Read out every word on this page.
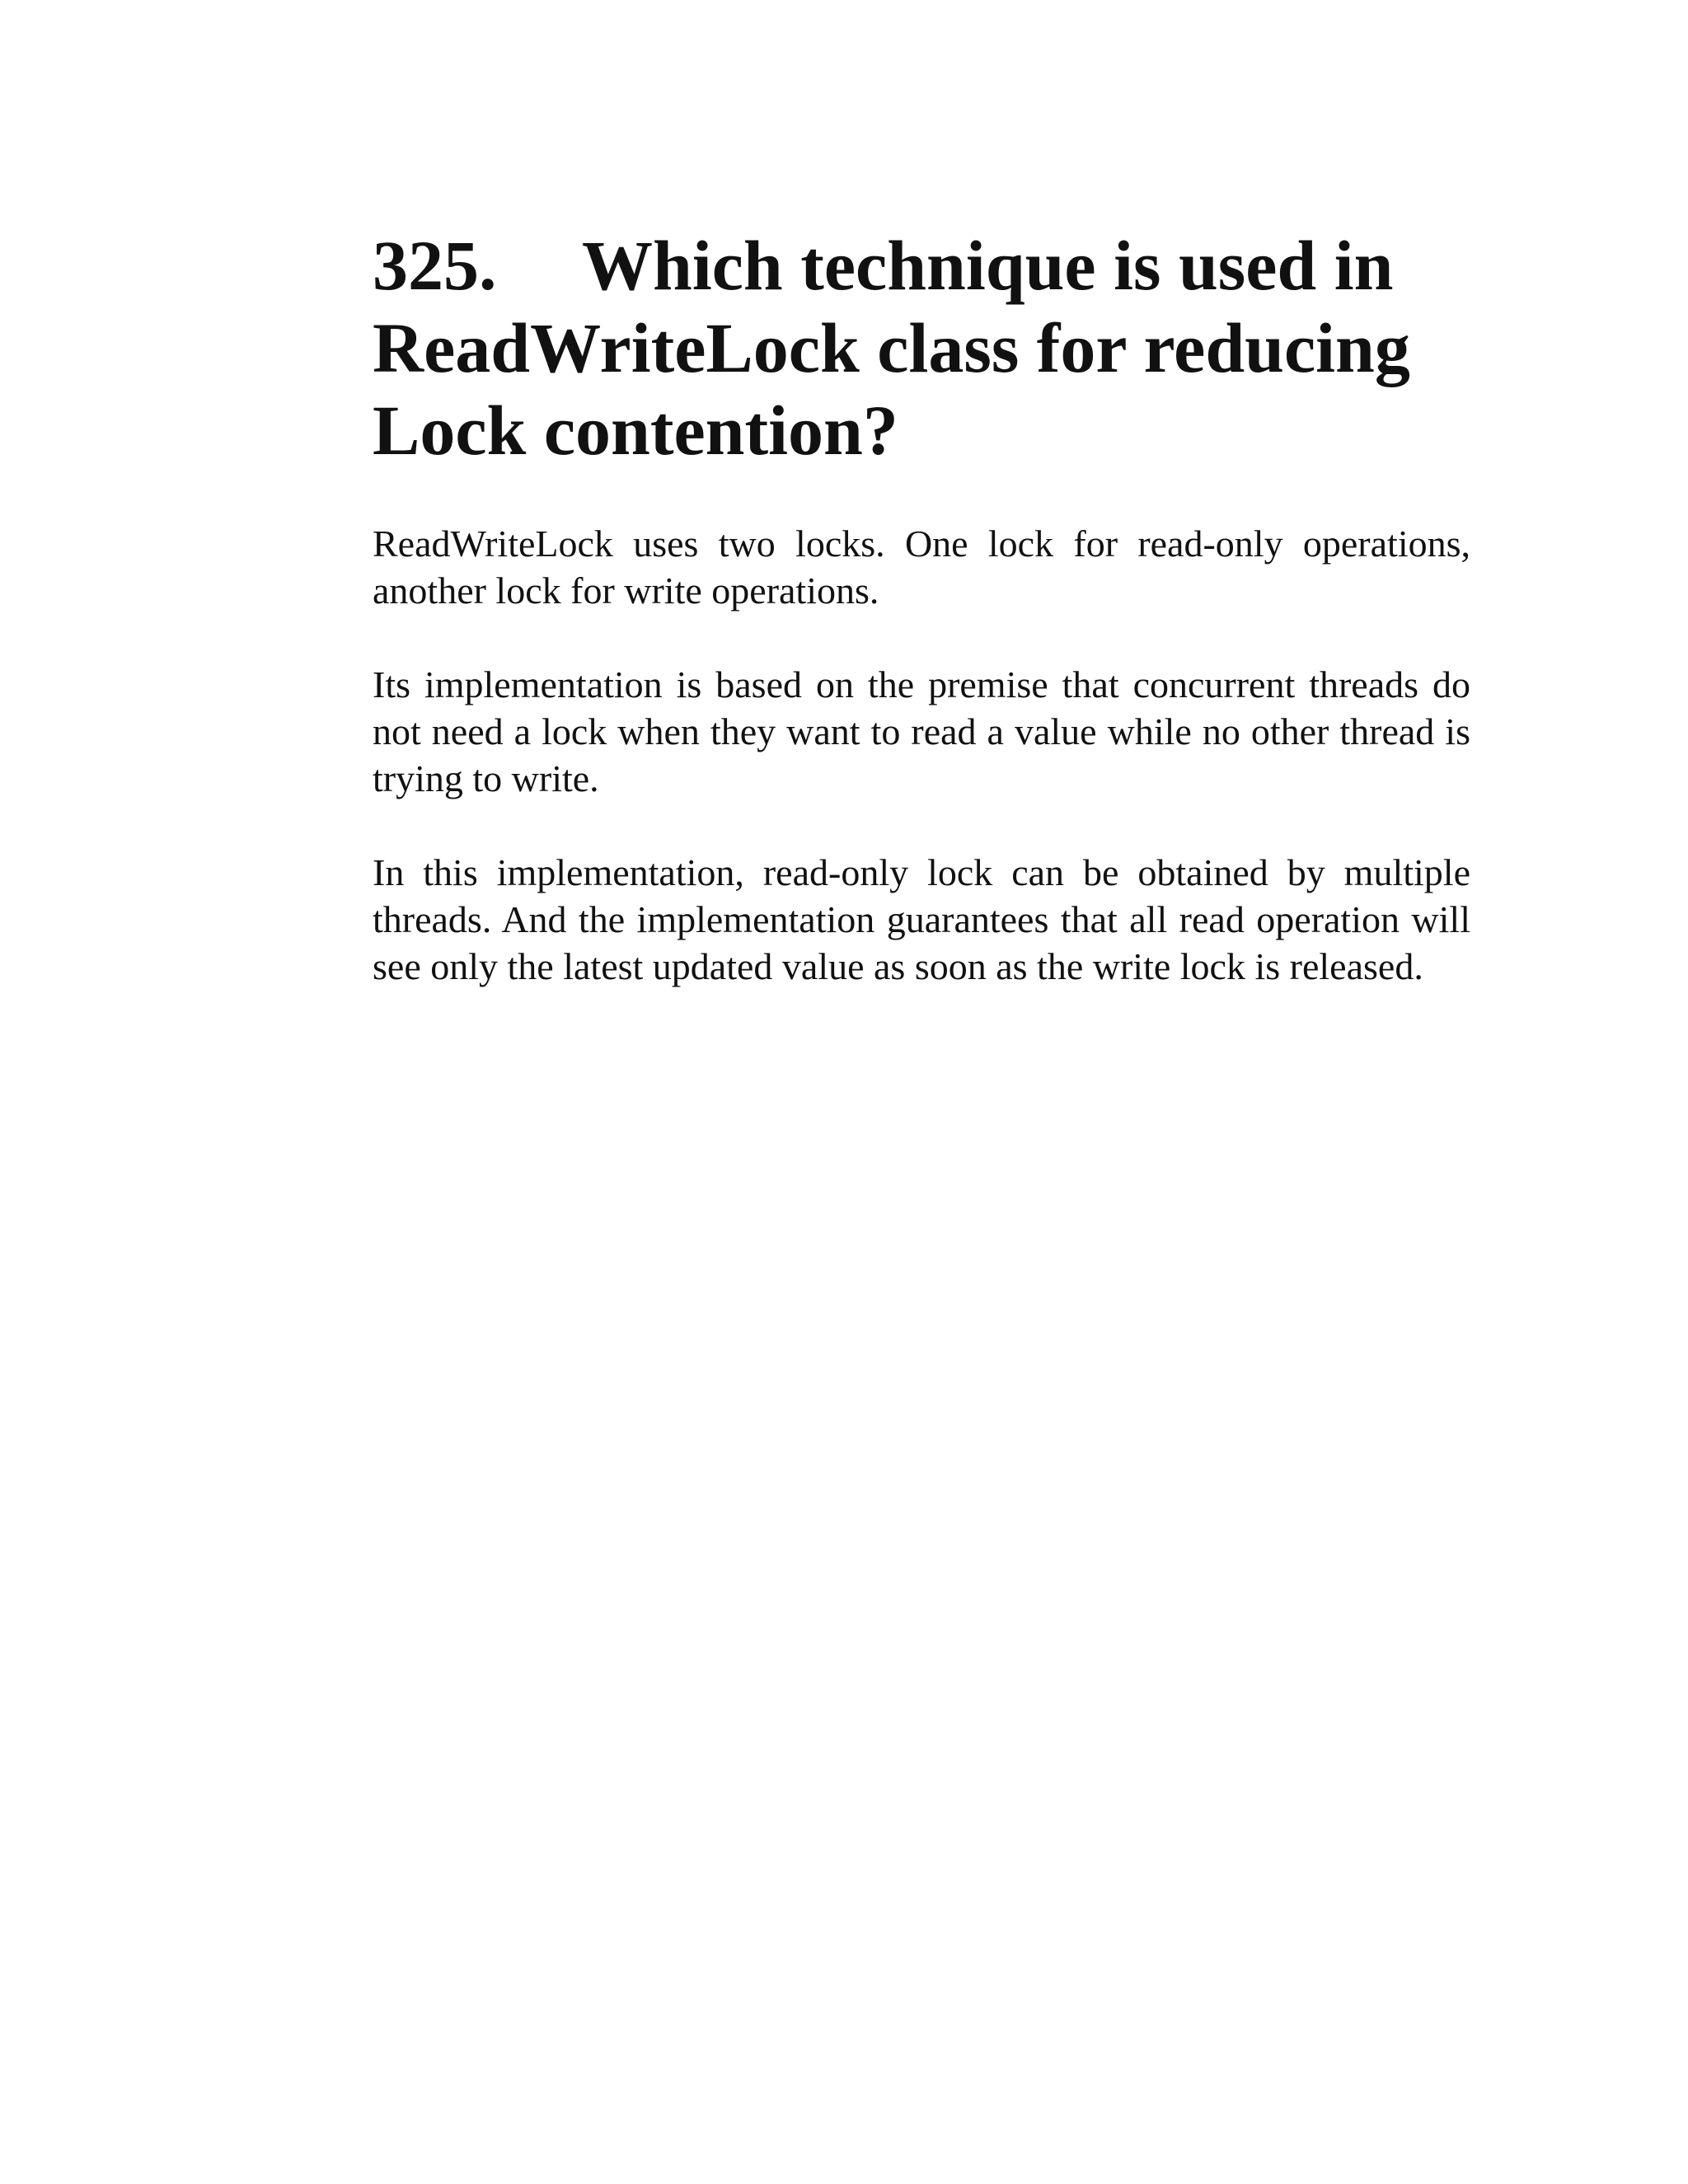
325. Which technique is used in ReadWriteLock class for reducing Lock contention?

ReadWriteLock uses two locks. One lock for read-only operations, another lock for write operations.

Its implementation is based on the premise that concurrent threads do not need a lock when they want to read a value while no other thread is trying to write.

In this implementation, read-only lock can be obtained by multiple threads. And the implementation guarantees that all read operation will see only the latest updated value as soon as the write lock is released.
